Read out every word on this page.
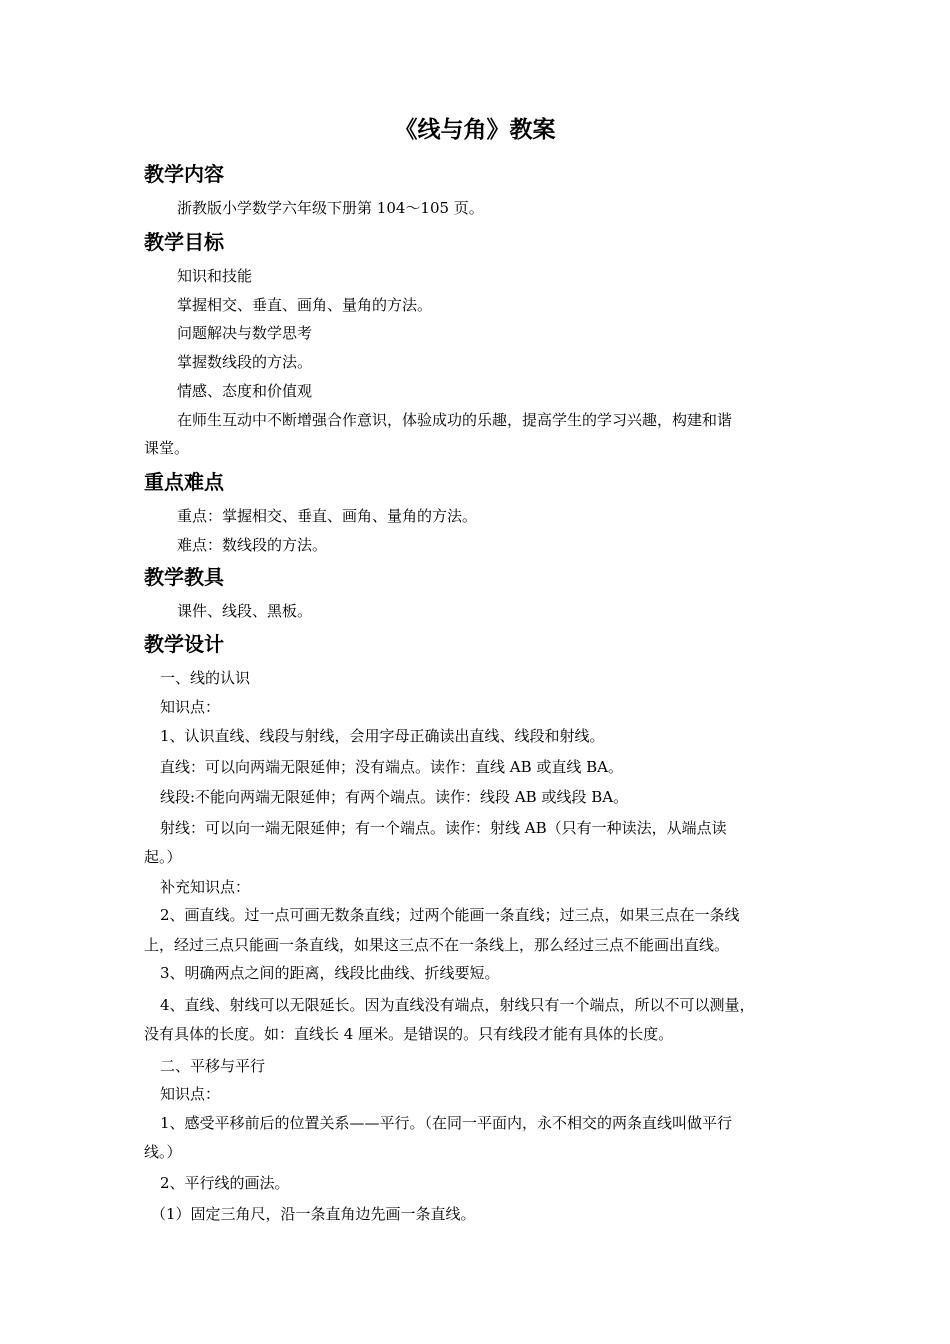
《线与角》教案
教学内容
浙教版小学数学六年级下册第 104～105 页。
教学目标
知识和技能
掌握相交、垂直、画角、量角的方法。
问题解决与数学思考
掌握数线段的方法。
情感、态度和价值观
在师生互动中不断增强合作意识，体验成功的乐趣，提高学生的学习兴趣，构建和谐
课堂。
重点难点
重点：掌握相交、垂直、画角、量角的方法。
难点：数线段的方法。
教学教具
课件、线段、黑板。
教学设计
一、线的认识
知识点：
1、认识直线、线段与射线，会用字母正确读出直线、线段和射线。
直线：可以向两端无限延伸；没有端点。读作：直线 AB 或直线 BA。
线段:不能向两端无限延伸；有两个端点。读作：线段 AB 或线段 BA。
射线：可以向一端无限延伸；有一个端点。读作：射线 AB（只有一种读法，从端点读
起。）
补充知识点：
2、画直线。过一点可画无数条直线；过两个能画一条直线；过三点，如果三点在一条线
上，经过三点只能画一条直线，如果这三点不在一条线上，那么经过三点不能画出直线。
3、明确两点之间的距离，线段比曲线、折线要短。
4、直线、射线可以无限延长。因为直线没有端点，射线只有一个端点，所以不可以测量，
没有具体的长度。如：直线长 4 厘米。是错误的。只有线段才能有具体的长度。
二、平移与平行
知识点：
1、感受平移前后的位置关系——平行。（在同一平面内，永不相交的两条直线叫做平行
线。）
2、平行线的画法。
（1）固定三角尺，沿一条直角边先画一条直线。
